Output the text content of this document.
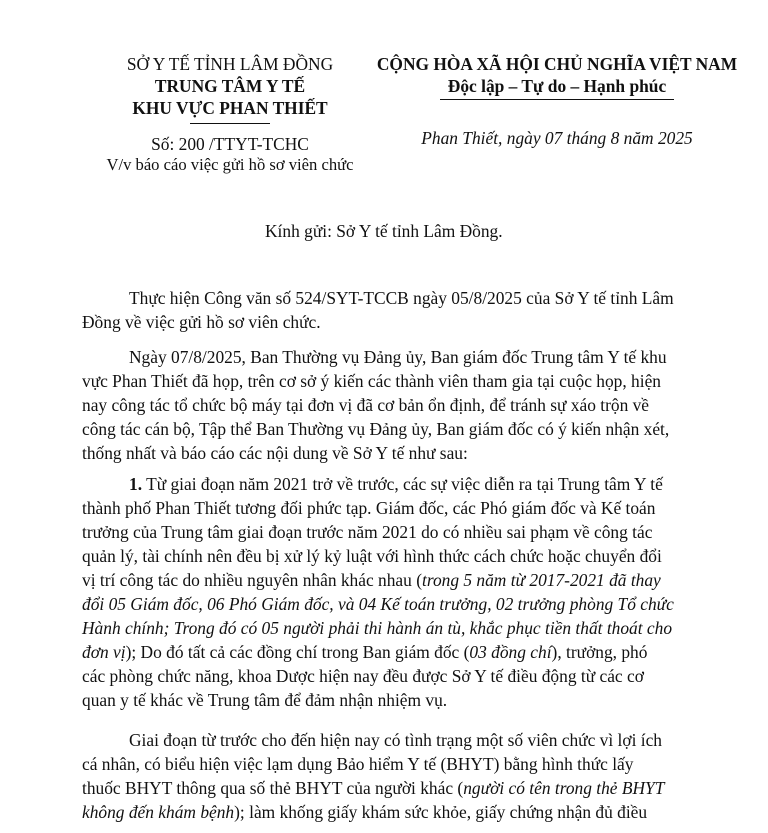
SỞ Y TẾ TỈNH LÂM ĐỒNG
TRUNG TÂM Y TẾ
KHU VỰC PHAN THIẾT
Số: 200 /TTYT-TCHC
V/v báo cáo việc gửi hồ sơ viên chức
CỘNG HÒA XÃ HỘI CHỦ NGHĨA VIỆT NAM
Độc lập – Tự do – Hạnh phúc
Phan Thiết, ngày 07 tháng 8 năm 2025
Kính gửi: Sở Y tế tỉnh Lâm Đồng.
Thực hiện Công văn số 524/SYT-TCCB ngày 05/8/2025 của Sở Y tế tỉnh Lâm
Đồng về việc gửi hồ sơ viên chức.
Ngày 07/8/2025, Ban Thường vụ Đảng ủy, Ban giám đốc Trung tâm Y tế khu
vực Phan Thiết đã họp, trên cơ sở ý kiến các thành viên tham gia tại cuộc họp, hiện
nay công tác tổ chức bộ máy tại đơn vị đã cơ bản ổn định, để tránh sự xáo trộn về
công tác cán bộ, Tập thể Ban Thường vụ Đảng ủy, Ban giám đốc có ý kiến nhận xét,
thống nhất và báo cáo các nội dung về Sở Y tế như sau:
1. Từ giai đoạn năm 2021 trở về trước, các sự việc diễn ra tại Trung tâm Y tế
thành phố Phan Thiết tương đối phức tạp. Giám đốc, các Phó giám đốc và Kế toán
trưởng của Trung tâm giai đoạn trước năm 2021 do có nhiều sai phạm về công tác
quản lý, tài chính nên đều bị xử lý kỷ luật với hình thức cách chức hoặc chuyển đổi
vị trí công tác do nhiều nguyên nhân khác nhau (trong 5 năm từ 2017-2021 đã thay
đổi 05 Giám đốc, 06 Phó Giám đốc, và 04 Kế toán trưởng, 02 trưởng phòng Tổ chức
Hành chính; Trong đó có 05 người phải thi hành án tù, khắc phục tiền thất thoát cho
đơn vị); Do đó tất cả các đồng chí trong Ban giám đốc (03 đồng chí), trưởng, phó
các phòng chức năng, khoa Dược hiện nay đều được Sở Y tế điều động từ các cơ
quan y tế khác về Trung tâm để đảm nhận nhiệm vụ.
Giai đoạn từ trước cho đến hiện nay có tình trạng một số viên chức vì lợi ích
cá nhân, có biểu hiện việc lạm dụng Bảo hiểm Y tế (BHYT) bằng hình thức lấy
thuốc BHYT thông qua số thẻ BHYT của người khác (người có tên trong thẻ BHYT
không đến khám bệnh); làm khống giấy khám sức khỏe, giấy chứng nhận đủ điều
